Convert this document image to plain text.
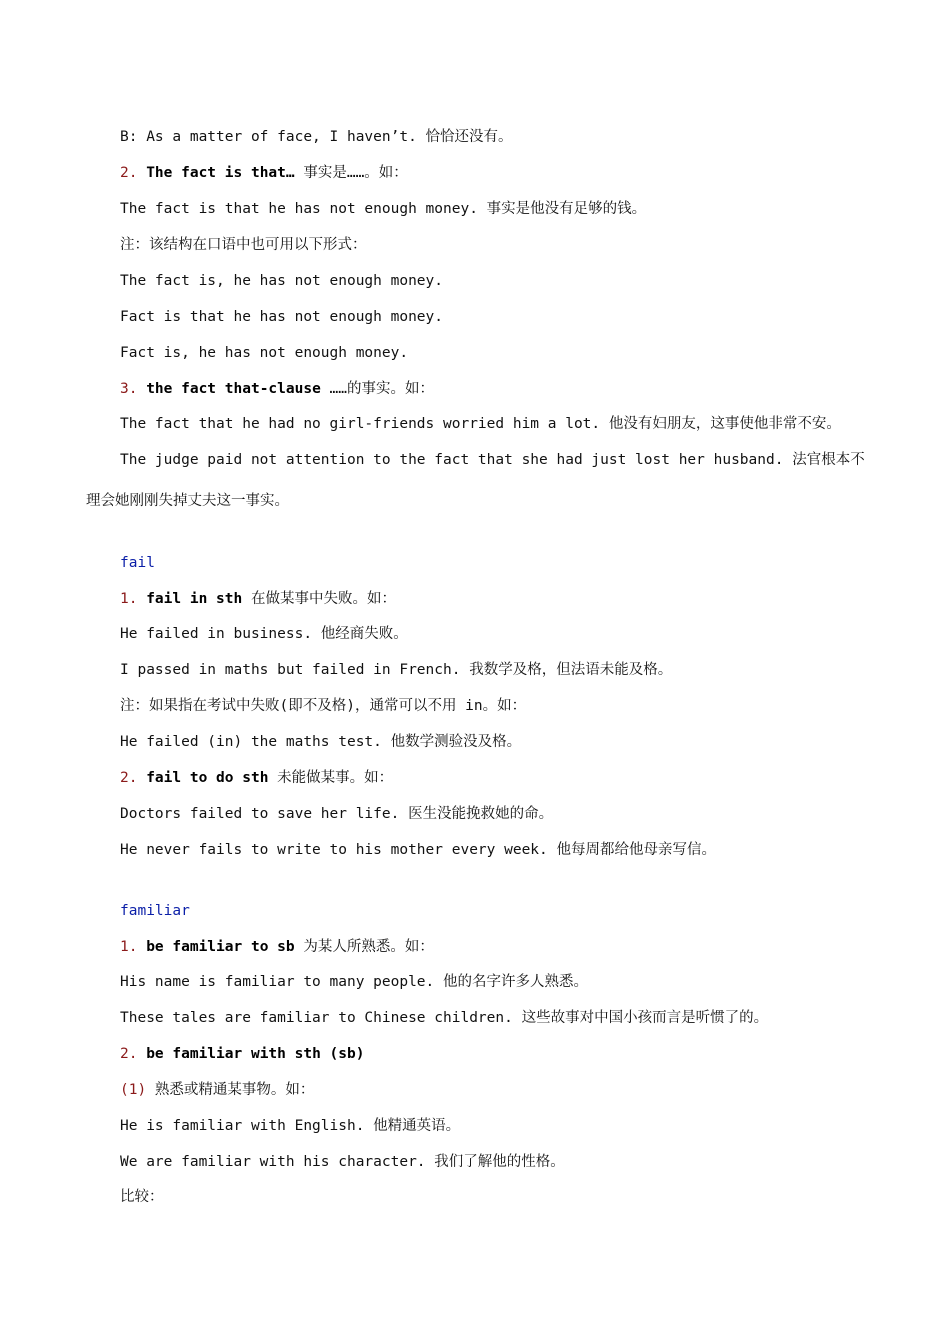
B: As a matter of face, I haven’t. 恰恰还没有。
2. The fact is that… 事实是……。如：
The fact is that he has not enough money. 事实是他没有足够的钱。
注：该结构在口语中也可用以下形式：
The fact is, he has not enough money.
Fact is that he has not enough money.
Fact is, he has not enough money.
3. the fact that-clause ……的事实。如：
The fact that he had no girl-friends worried him a lot. 他没有妇朋友，这事使他非常不安。
The judge paid not attention to the fact that she had just lost her husband. 法官根本不理会她刚刚失掉丈夫这一事实。
fail
1. fail in sth 在做某事中失败。如：
He failed in business. 他经商失败。
I passed in maths but failed in French. 我数学及格，但法语未能及格。
注：如果指在考试中失败(即不及格)，通常可以不用 in。如：
He failed (in) the maths test. 他数学测验没及格。
2. fail to do sth 未能做某事。如：
Doctors failed to save her life. 医生没能挽救她的命。
He never fails to write to his mother every week. 他每周都给他母亲写信。
familiar
1. be familiar to sb 为某人所熟悉。如：
His name is familiar to many people. 他的名字许多人熟悉。
These tales are familiar to Chinese children. 这些故事对中国小孩而言是听惯了的。
2. be familiar with sth (sb)
(1) 熟悉或精通某事物。如：
He is familiar with English. 他精通英语。
We are familiar with his character. 我们了解他的性格。
比较：
